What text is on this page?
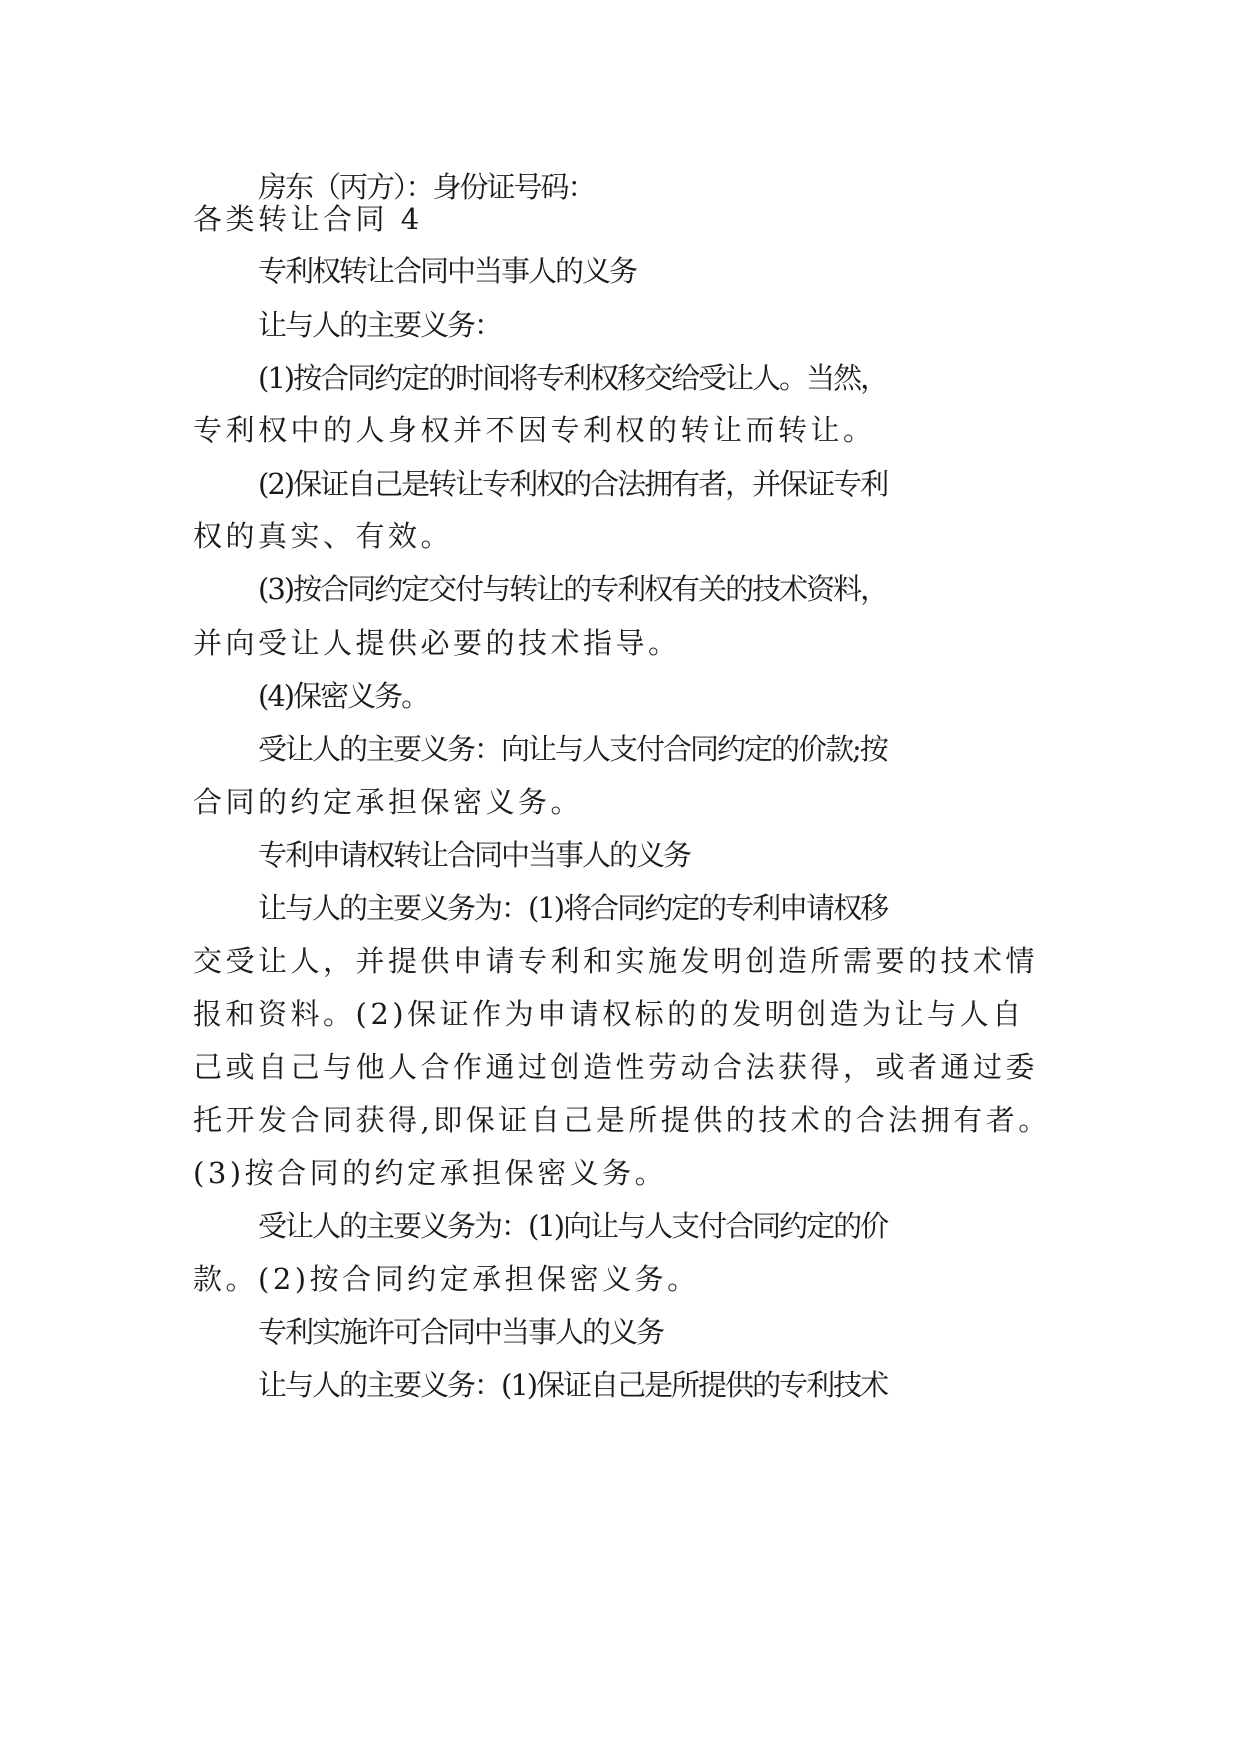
房东（丙方）：身份证号码：
各类转让合同 4
专利权转让合同中当事人的义务
让与人的主要义务：
(1)按合同约定的时间将专利权移交给受让人。当然，
专利权中的人身权并不因专利权的转让而转让。
(2)保证自己是转让专利权的合法拥有者，并保证专利
权的真实、有效。
(3)按合同约定交付与转让的专利权有关的技术资料，
并向受让人提供必要的技术指导。
(4)保密义务。
受让人的主要义务：向让与人支付合同约定的价款;按
合同的约定承担保密义务。
专利申请权转让合同中当事人的义务
让与人的主要义务为：(1)将合同约定的专利申请权移
交受让人，并提供申请专利和实施发明创造所需要的技术情
报和资料。(2)保证作为申请权标的的发明创造为让与人自
己或自己与他人合作通过创造性劳动合法获得，或者通过委
托开发合同获得,即保证自己是所提供的技术的合法拥有者。
(3)按合同的约定承担保密义务。
受让人的主要义务为：(1)向让与人支付合同约定的价
款。(2)按合同约定承担保密义务。
专利实施许可合同中当事人的义务
让与人的主要义务：(1)保证自己是所提供的专利技术
